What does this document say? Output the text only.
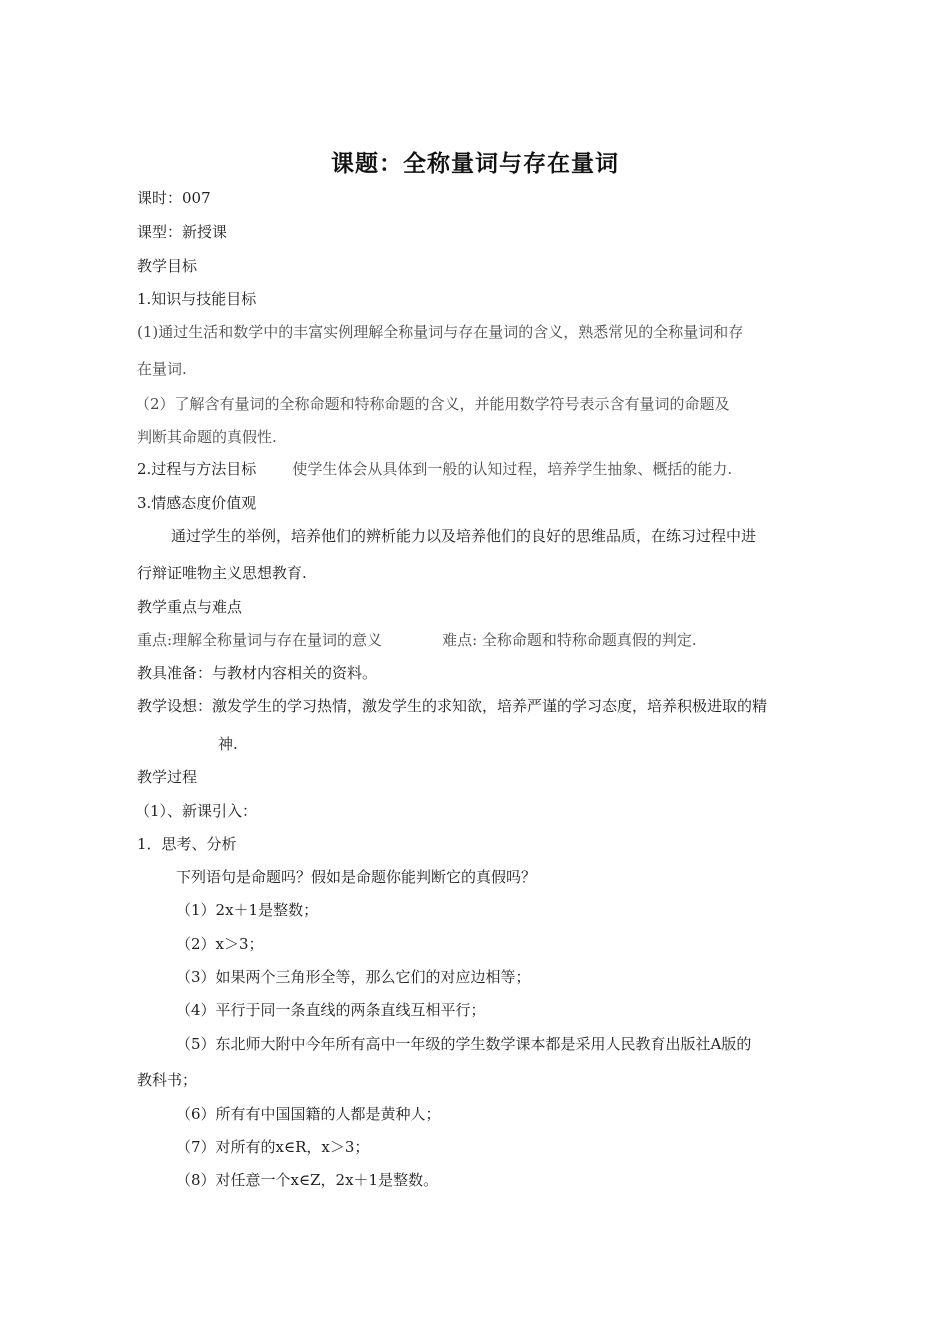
课题：全称量词与存在量词
课时：007
课型：新授课
教学目标
1.知识与技能目标
(1)通过生活和数学中的丰富实例理解全称量词与存在量词的含义，熟悉常见的全称量词和存
在量词.
（2）了解含有量词的全称命题和特称命题的含义，并能用数学符号表示含有量词的命题及
判断其命题的真假性.
2.过程与方法目标 使学生体会从具体到一般的认知过程，培养学生抽象、概括的能力.
3.情感态度价值观
通过学生的举例，培养他们的辨析能力以及培养他们的良好的思维品质，在练习过程中进
行辩证唯物主义思想教育.
教学重点与难点
重点:理解全称量词与存在量词的意义	难点: 全称命题和特称命题真假的判定.
教具准备：与教材内容相关的资料。
教学设想：激发学生的学习热情，激发学生的求知欲，培养严谨的学习态度，培养积极进取的精
神.
教学过程
（1）、新课引入：
1．思考、分析
下列语句是命题吗？假如是命题你能判断它的真假吗？
（1）2x＋1是整数；
（2）x＞3；
（3）如果两个三角形全等，那么它们的对应边相等；
（4）平行于同一条直线的两条直线互相平行；
（5）东北师大附中今年所有高中一年级的学生数学课本都是采用人民教育出版社A版的
教科书；
（6）所有有中国国籍的人都是黄种人；
（7）对所有的x∈R，x＞3；
（8）对任意一个x∈Z，2x＋1是整数。
